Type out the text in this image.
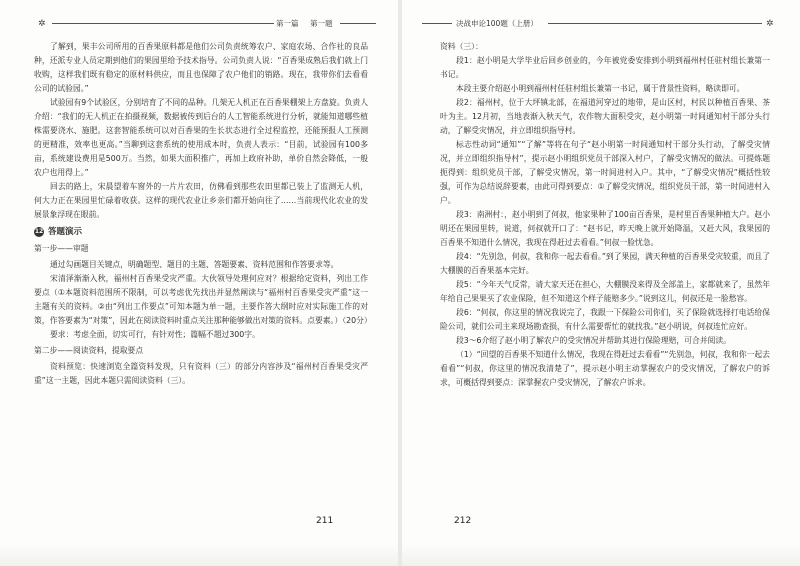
✲	第一篇 第一题

了解到，果丰公司所用的百香果原料都是他们公司负责统筹农户、家庭农场、合作社的良品种，还派专业人员定期到他们的果园里给予技术指导。公司负责人说：“百香果成熟后我们就上门收购，这样我们既有稳定的原材料供应，而且也保障了农户他们的销路。现在，我带你们去看看公司的试验园。”

试验园有9个试验区，分别培育了不同的品种。几架无人机正在百香果棚架上方盘旋。负责人介绍：“我们的无人机正在拍摄视频，数据被传到后台的人工智能系统进行分析，就能知道哪些植株需要浇水、施肥。这套智能系统可以对百香果的生长状态进行全过程监控，还能预报人工预测的更精准，效率也更高。”当聊到这套系统的使用成本时，负责人表示：“目前，试验园有100多亩，系统建设费用是500万。当然，如果大面积推广，再加上政府补助，单价自然会降低，一般农户也用得上。”

回去的路上，宋晨望着车窗外的一片片农田，仿佛看到那些农田里都已装上了监测无人机，何大力正在果园里忙碌着收获。这样的现代农业让乡亲们都开始向往了……当前现代化农业的发展景象浮现在眼前。

12 答题演示

第一步——审题

通过勾画题目关键点，明确题型、题目的主题、答题要素、资料范围和作答要求等。

宋清泽渐渐入秋，福州村百香果受灾严重。大伙领导处理何应对？根据给定资料，列出工作要点（①本题资料范围所不限制，可以考虑优先找出并显然阐读与“福州村百香果受灾严重”这一主题有关的资料。②由“列出工作要点”可知本题为单一题，主要作答大纲时应对实际施工作的对策，作答要素为“对策”，因此在阅读资料时重点关注那种能够做出对策的资料。点要素。）（20分）

要求：考虑全面，切实可行，有针对性；篇幅不超过300字。

第二步——阅读资料，提取要点

资料预览：快速浏览全篇资料发现，只有资料（三）的部分内容涉及“福州村百香果受灾严重”这一主题，因此本题只需阅读资料（三）。

211
决战申论100题（上册）	✲

资料（三）：

段1：赵小明是大学毕业后回乡创业的，今年被党委安排到小明到福州村任驻村组长兼第一书记。

本段主要介绍赵小明到福州村任驻村组长兼第一书记，属于背景性资料，略读即可。

段2：福州村，位于大坪镇北部，在福道河穿过的地带，是山区村，村民以种植百香果、茶叶为主。12月初，当地表渐入秋天气，农作物大面积受灾，赵小明第一时间通知村干部分头行动，了解受灾情况，并立即组织指导村。

标志性动词“通知”“了解”等将在句子“赵小明第一时间通知村干部分头行动，了解受灾情况，并立即组织指导村”，提示赵小明组织党员干部深入村户，了解受灾情况的做法。可提炼题扼得到：组织党员干部，了解受灾情况，第一时间进村入户。其中，“了解受灾情况”概括性较强，可作为总结说辞要素，由此可得到要点：①了解受灾情况，组织党员干部，第一时间进村入户。

段3：南洲村：，赵小明到了何叔，他家果种了100亩百香果，是村里百香果种植大户。赵小明还在果园里转，说道，何叔就开口了：“赵书记，昨天晚上就开始降温，又赶大风，我果园的百香果不知道什么情况，我现在得赶过去看看。”何叔一脸忧急。

段4：“先别急，何叔，我和你一起去看看。”到了果园，满天种植的百香果受灾较重，而且了大棚膜的百香果基本完好。

段5：“今年天气反常，请大家天还在担心，大棚膜没来得及全部盖上，家都就来了，虽然年年给自己果果买了农业保险，但不知道这个样子能赔多少。”说到这儿，何叔还是一脸愁容。

段6：“何叔，你这里的情况我说完了，我跟一下保险公司你们，买了保险就选择打电话给保险公司，就们公司主来现场勘查损，有什么需要帮忙的就找我。”赵小明说，何叔连忙应好。

段3～6介绍了赵小明了解农户的受灾情况并帮助其进行保险理赔，可合并阅读。

（1）“回望的百香果不知道什么情况，我现在得赶过去看看”“先别急，何叔，我和你一起去看看”“何叔，你这里的情况我清楚了”，提示赵小明主动掌握农户的受灾情况，了解农户的诉求，可概括得到要点：深掌握农户受灾情况，了解农户诉求。

212
